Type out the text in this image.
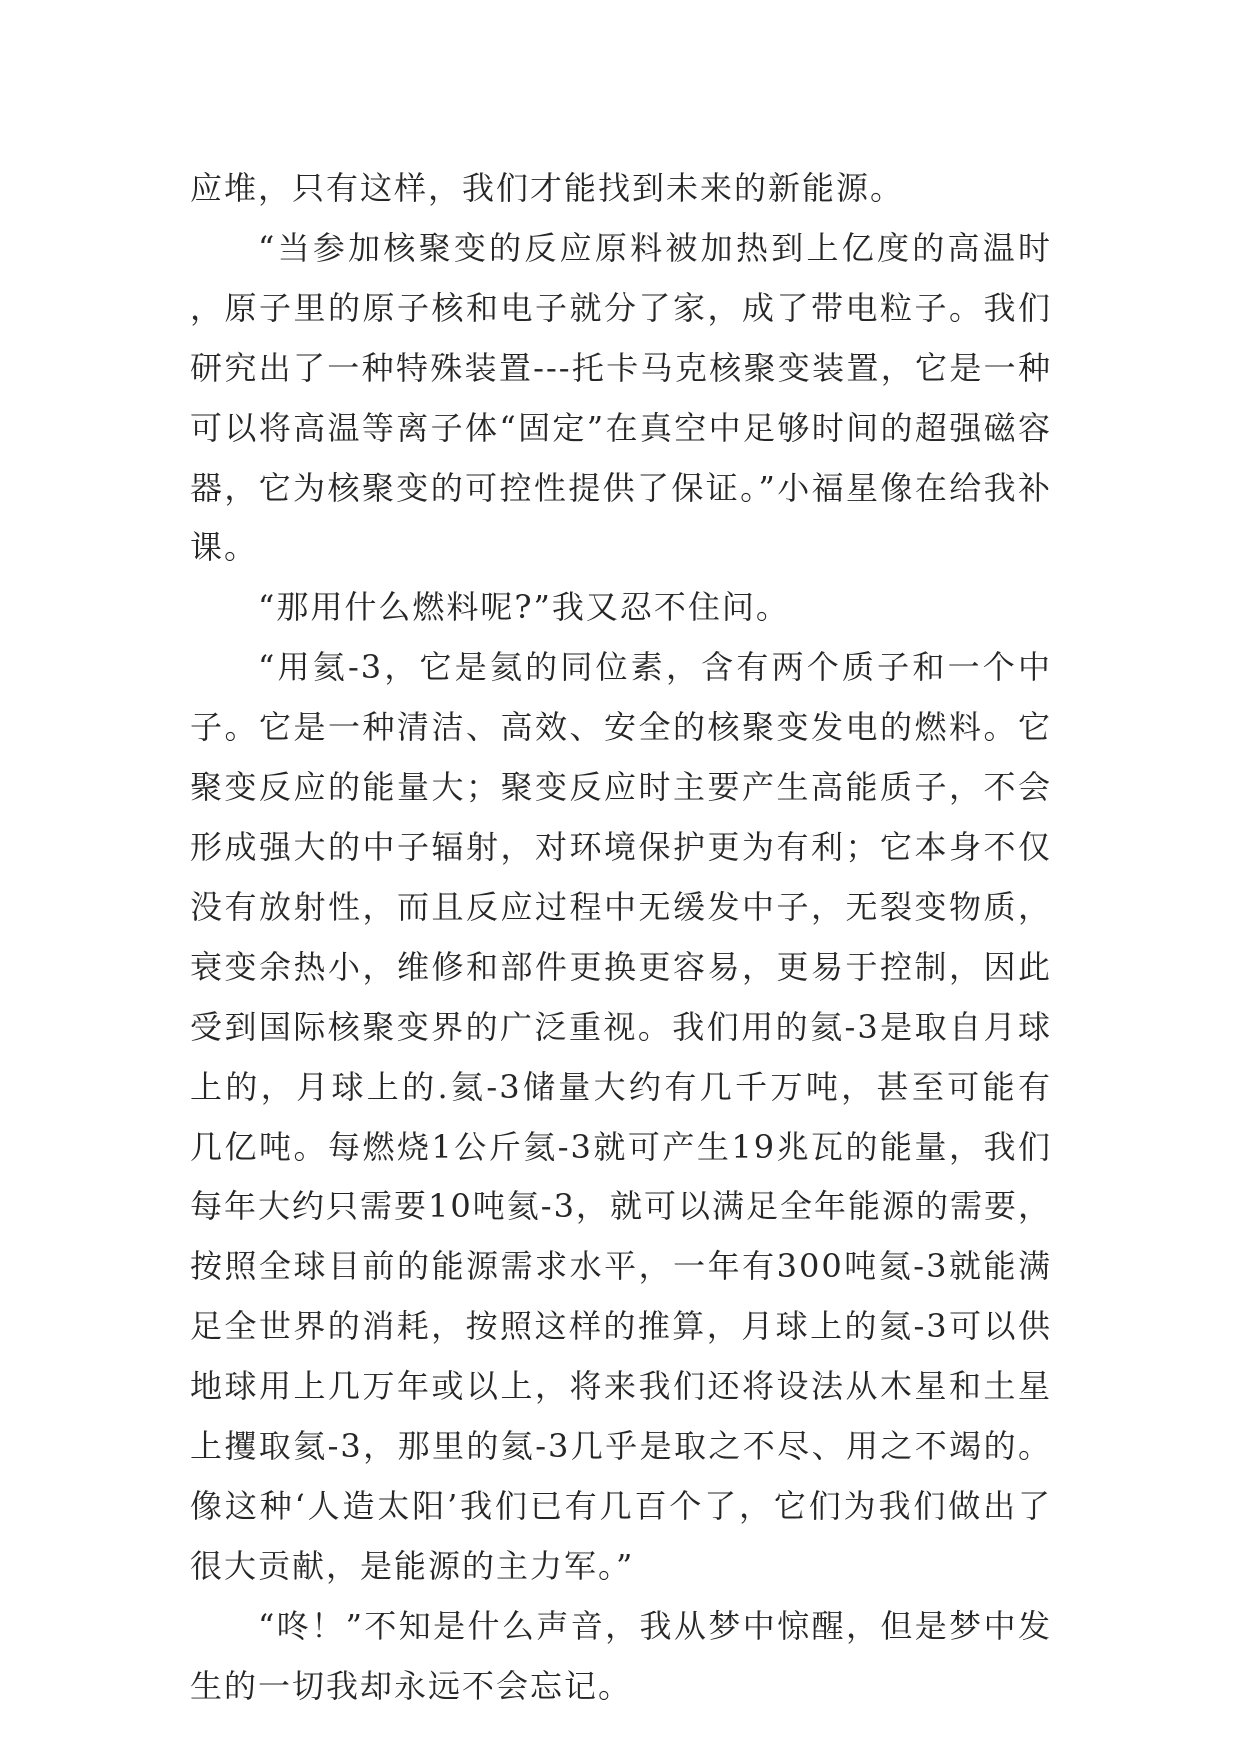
应堆，只有这样，我们才能找到未来的新能源。

“当参加核聚变的反应原料被加热到上亿度的高温时，原子里的原子核和电子就分了家，成了带电粒子。我们研究出了一种特殊装置---托卡马克核聚变装置，它是一种可以将高温等离子体“固定”在真空中足够时间的超强磁容器，它为核聚变的可控性提供了保证。”小福星像在给我补课。

“那用什么燃料呢?”我又忍不住问。

“用氦-3，它是氦的同位素，含有两个质子和一个中子。它是一种清洁、高效、安全的核聚变发电的燃料。它聚变反应的能量大；聚变反应时主要产生高能质子，不会形成强大的中子辐射，对环境保护更为有利；它本身不仅没有放射性，而且反应过程中无缓发中子，无裂变物质，衰变余热小，维修和部件更换更容易，更易于控制，因此受到国际核聚变界的广泛重视。我们用的氦-3是取自月球上的，月球上的.氦-3储量大约有几千万吨，甚至可能有几亿吨。每燃烧1公斤氦-3就可产生19兆瓦的能量，我们每年大约只需要10吨氦-3，就可以满足全年能源的需要，按照全球目前的能源需求水平，一年有300吨氦-3就能满足全世界的消耗，按照这样的推算，月球上的氦-3可以供地球用上几万年或以上，将来我们还将设法从木星和土星上攫取氦-3，那里的氦-3几乎是取之不尽、用之不竭的。像这种‘人造太阳’我们已有几百个了，它们为我们做出了很大贡献，是能源的主力军。”

“咚！”不知是什么声音，我从梦中惊醒，但是梦中发生的一切我却永远不会忘记。
